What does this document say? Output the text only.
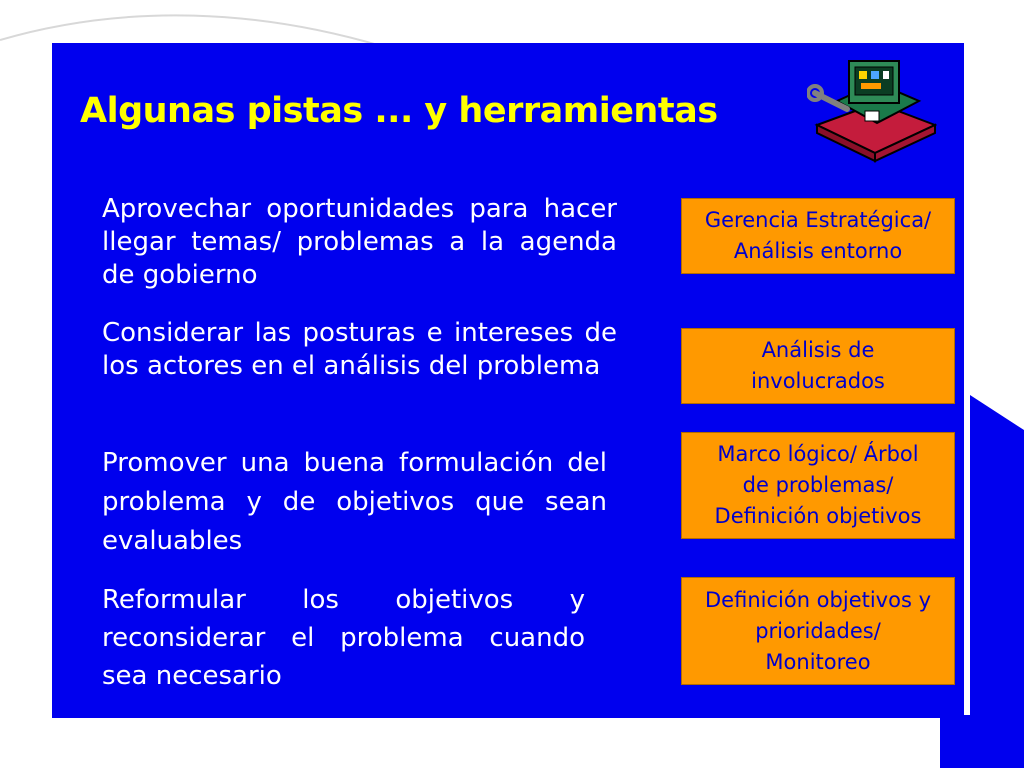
Algunas pistas ... y herramientas

Aprovechar oportunidades para hacer llegar temas/ problemas a la agenda de gobierno

Considerar las posturas e intereses de los actores en el análisis del problema

Promover una buena formulación del problema y de objetivos que sean evaluables

Reformular los objetivos y reconsiderar el problema cuando sea necesario

Gerencia Estratégica/
Análisis entorno
Análisis de
involucrados
Marco lógico/ Árbol
de problemas/
Definición objetivos
Definición objetivos y
prioridades/
Monitoreo
